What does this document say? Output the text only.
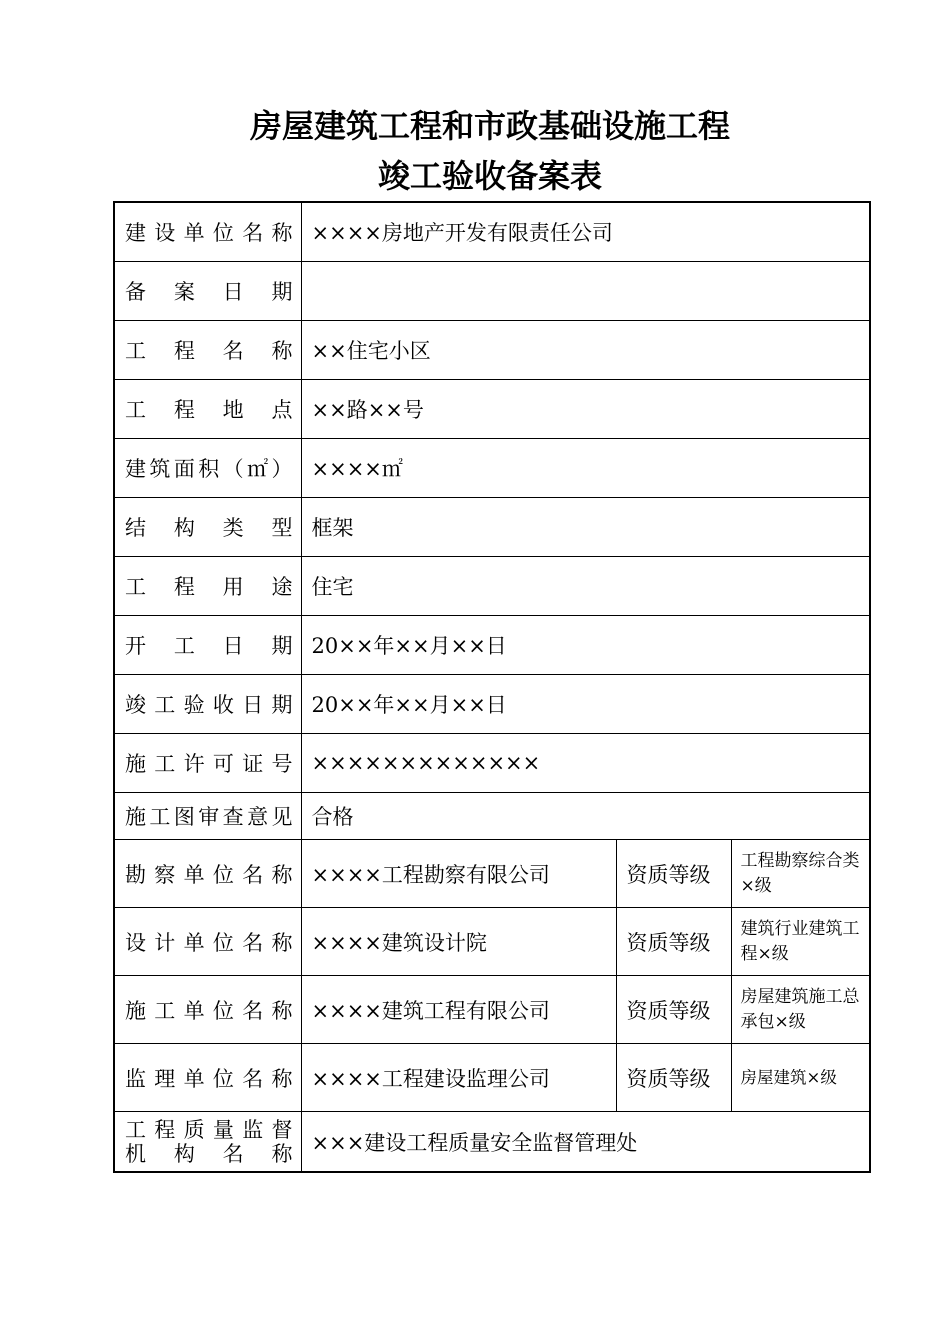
房屋建筑工程和市政基础设施工程
竣工验收备案表
建设单位名称	××××房地产开发有限责任公司		

备案日期			

工程名称	××住宅小区		

工程地点	××路××号		

建筑面积（㎡）	××××㎡		

结构类型	框架		

工程用途	住宅		

开工日期	20××年××月××日		

竣工验收日期	20××年××月××日		

施工许可证号	×××××××××××××		

施工图审查意见	合格		

勘察单位名称	××××工程勘察有限公司	资质等级	工程勘察综合类×级

设计单位名称	××××建筑设计院	资质等级	建筑行业建筑工程×级

施工单位名称	××××建筑工程有限公司	资质等级	房屋建筑施工总承包×级

监理单位名称	××××工程建设监理公司	资质等级	房屋建筑×级

工程质量监督
机构名称	×××建设工程质量安全监督管理处		
